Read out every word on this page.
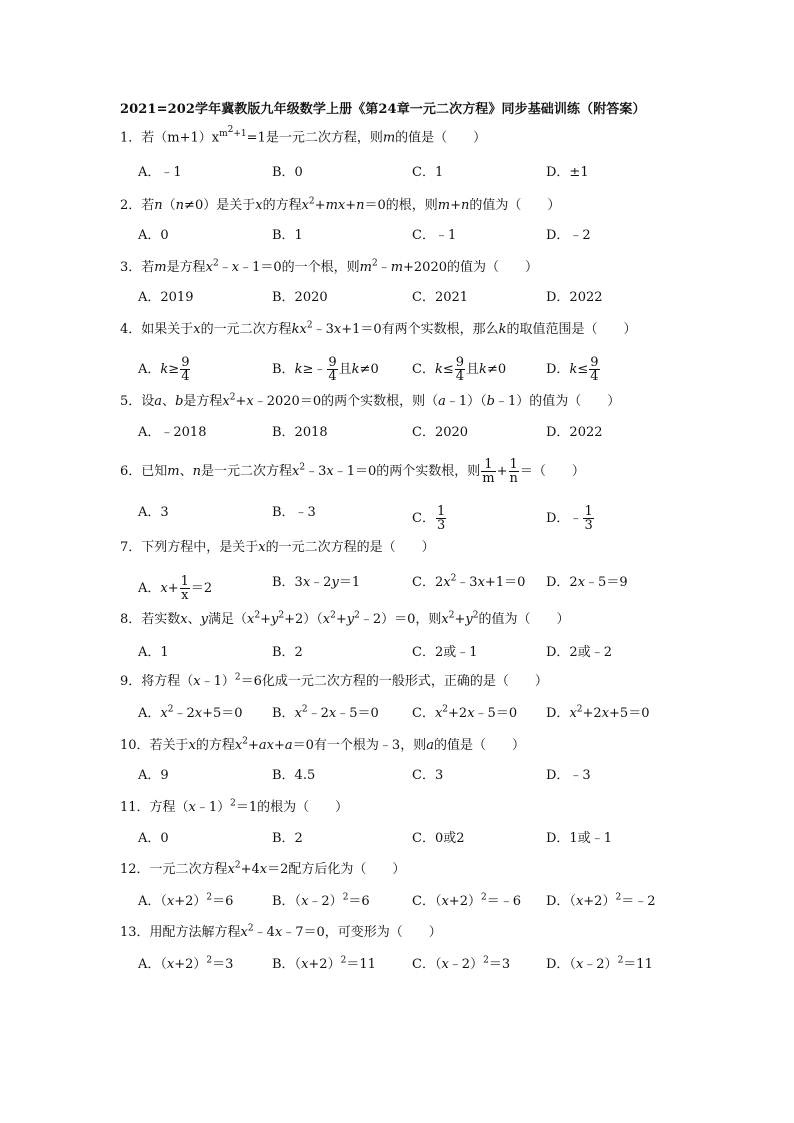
2021=202学年冀教版九年级数学上册《第24章一元二次方程》同步基础训练（附答案）
1．若$(m+1)x^{m^2+1}=1$是一元二次方程，则m的值是（　　）
A．﹣1	B．0	C．1	D．±1
2．若n（n≠0）是关于x的方程$x^2+mx+n=0$的根，则m+n的值为（　　）
A．0	B．1	C．﹣1	D．﹣2
3．若m是方程$x^2﹣x﹣1=0$的一个根，则$m^2﹣m+2020$的值为（　　）
A．2019	B．2020	C．2021	D．2022
4．如果关于x的一元二次方程$kx^2﹣3x+1=0$有两个实数根，那么k的取值范围是（　　）
A．$k\ge \frac{9}{4}$	B．k≥﹣ $\frac{9}{4}$ 且k≠0	C．$k\le \frac{9}{4}$ 且k≠0	D．$k\le \frac{9}{4}$
5．设a、b是方程$x^2+x﹣2020=0$的两个实数根，则（a﹣1）（b﹣1）的值为（　　）
A．﹣2018	B．2018	C．2020	D．2022
6．已知m、n是一元二次方程$x^2﹣3x﹣1=0$的两个实数根，则 $\frac{1}{m} + \frac{1}{n}$ ＝（　　）
A．3	B．﹣3	C． $\frac{1}{3}$	D．﹣ $\frac{1}{3}$
7．下列方程中，是关于x的一元二次方程的是（　　）
A．$x+ \frac{1}{x} =2$	B．3x﹣2y＝1	C．$2x^2﹣3x+1=0$ D．2x﹣5＝9
8．若实数x、y满足$(x^2+y^2+2)(x^2+y^2﹣2)=0$，则$x^2+y^2$的值为（　　）
A．1	B．2	C．2或﹣1	D．2或﹣2
9．将方程（x﹣1）$^2$＝6化成一元二次方程的一般形式，正确的是（　　）
A．$x^2﹣2x+5=0$ B．$x^2﹣2x﹣5=0$	C．$x^2+2x﹣5=0$ D．$x^2+2x+5=0$
10．若关于x的方程$x^2+ax+a=0$有一个根为﹣3，则a的值是（　　）
A．9	B．4.5	C．3	D．﹣3
11．方程（x﹣1）$^2$＝1的根为（　　）
A．0	B．2	C．0或2	D．1或﹣1
12．一元二次方程$x^2+4x=2$配方后化为（　　）
A．$(x+2)^2=6$	B．（x﹣2）$^2$＝6	C．$(x+2)^2=﹣6$ D．$(x+2)^2=﹣2$
13．用配方法解方程$x^2﹣4x﹣7=0$，可变形为（　　）
A．$(x+2)^2=3$	B．$(x+2)^2=11$	C．（x﹣2）$^2$＝3	D．（x﹣2）$^2$＝11
